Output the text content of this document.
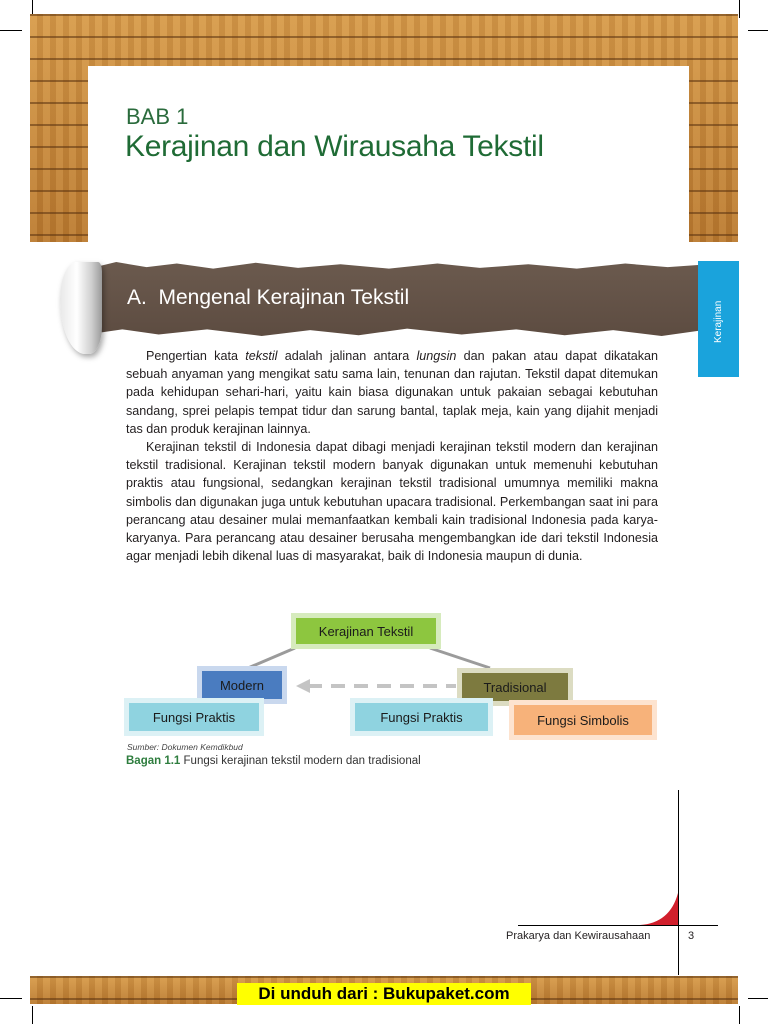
BAB 1
Kerajinan dan Wirausaha Tekstil
A.  Mengenal Kerajinan Tekstil
Kerajinan

Pengertian kata tekstil adalah jalinan antara lungsin dan pakan atau dapat dikatakan sebuah anyaman yang mengikat satu sama lain, tenunan dan rajutan. Tekstil dapat ditemukan pada kehidupan sehari-hari, yaitu kain biasa digunakan untuk pakaian sebagai kebutuhan sandang, sprei pelapis tempat tidur dan sarung bantal, taplak meja, kain yang dijahit menjadi tas dan produk kerajinan lainnya.

Kerajinan tekstil di Indonesia dapat dibagi menjadi kerajinan tekstil modern dan kerajinan tekstil tradisional. Kerajinan tekstil modern banyak digunakan untuk memenuhi kebutuhan praktis atau fungsional, sedangkan kerajinan tekstil tradisional umumnya memiliki makna simbolis dan digunakan juga untuk kebutuhan upacara tradisional. Perkembangan saat ini para perancang atau desainer mulai memanfaatkan kembali kain tradisional Indonesia pada karya-karyanya. Para perancang atau desainer berusaha mengembangkan ide dari tekstil Indonesia agar menjadi lebih dikenal luas di masyarakat, baik di Indonesia maupun di dunia.

Kerajinan Tekstil
Modern	Tradisional
Fungsi Praktis	Fungsi Praktis	Fungsi Simbolis
Sumber: Dokumen Kemdikbud
Bagan 1.1 Fungsi kerajinan tekstil modern dan tradisional
Prakarya dan Kewirausahaan	3
Di unduh dari : Bukupaket.com
